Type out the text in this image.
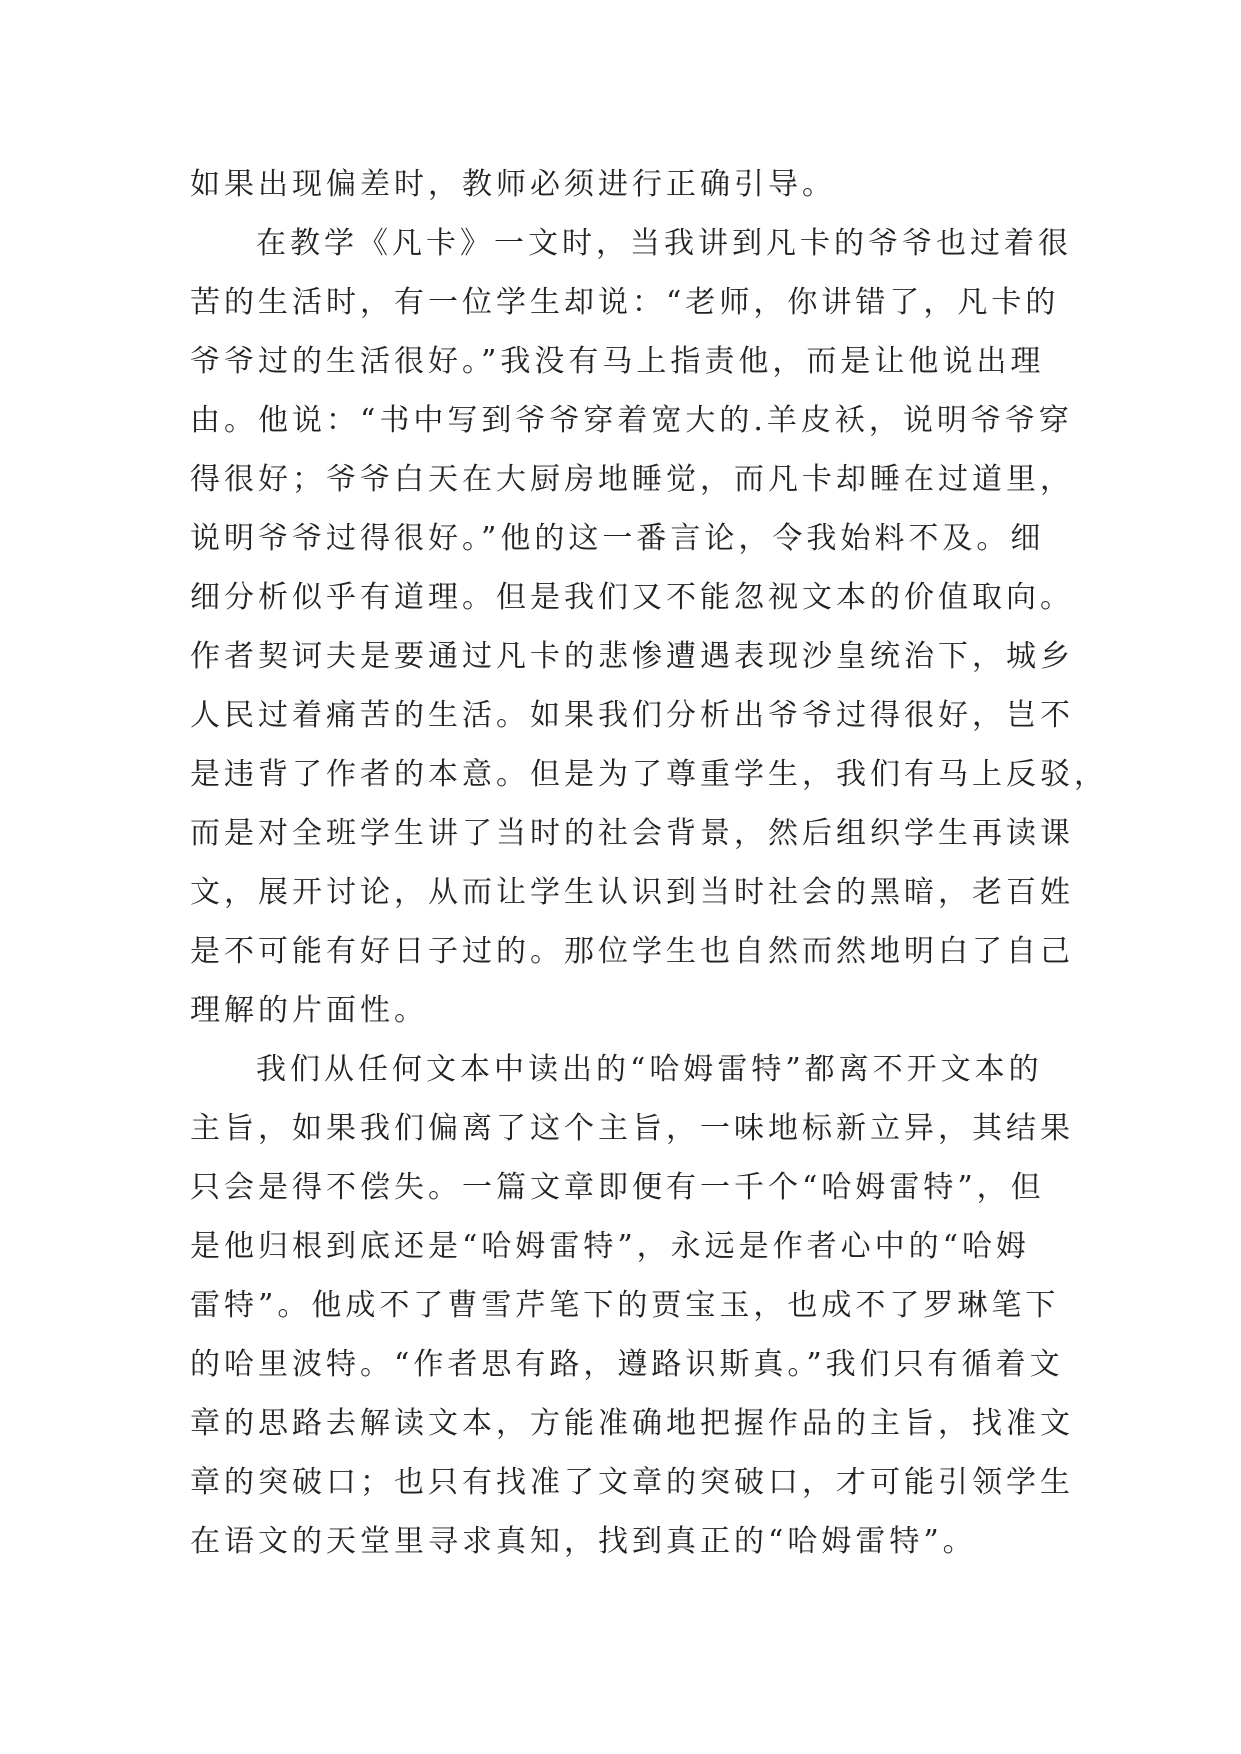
如果出现偏差时，教师必须进行正确引导。
在教学《凡卡》一文时，当我讲到凡卡的爷爷也过着很
苦的生活时，有一位学生却说：“老师，你讲错了，凡卡的
爷爷过的生活很好。”我没有马上指责他，而是让他说出理
由。他说：“书中写到爷爷穿着宽大的.羊皮袄，说明爷爷穿
得很好；爷爷白天在大厨房地睡觉，而凡卡却睡在过道里，
说明爷爷过得很好。”他的这一番言论，令我始料不及。细
细分析似乎有道理。但是我们又不能忽视文本的价值取向。
作者契诃夫是要通过凡卡的悲惨遭遇表现沙皇统治下，城乡
人民过着痛苦的生活。如果我们分析出爷爷过得很好，岂不
是违背了作者的本意。但是为了尊重学生，我们有马上反驳，
而是对全班学生讲了当时的社会背景，然后组织学生再读课
文，展开讨论，从而让学生认识到当时社会的黑暗，老百姓
是不可能有好日子过的。那位学生也自然而然地明白了自己
理解的片面性。
我们从任何文本中读出的“哈姆雷特”都离不开文本的
主旨，如果我们偏离了这个主旨，一味地标新立异，其结果
只会是得不偿失。一篇文章即便有一千个“哈姆雷特”，但
是他归根到底还是“哈姆雷特”，永远是作者心中的“哈姆
雷特”。他成不了曹雪芹笔下的贾宝玉，也成不了罗琳笔下
的哈里波特。“作者思有路，遵路识斯真。”我们只有循着文
章的思路去解读文本，方能准确地把握作品的主旨，找准文
章的突破口；也只有找准了文章的突破口，才可能引领学生
在语文的天堂里寻求真知，找到真正的“哈姆雷特”。
